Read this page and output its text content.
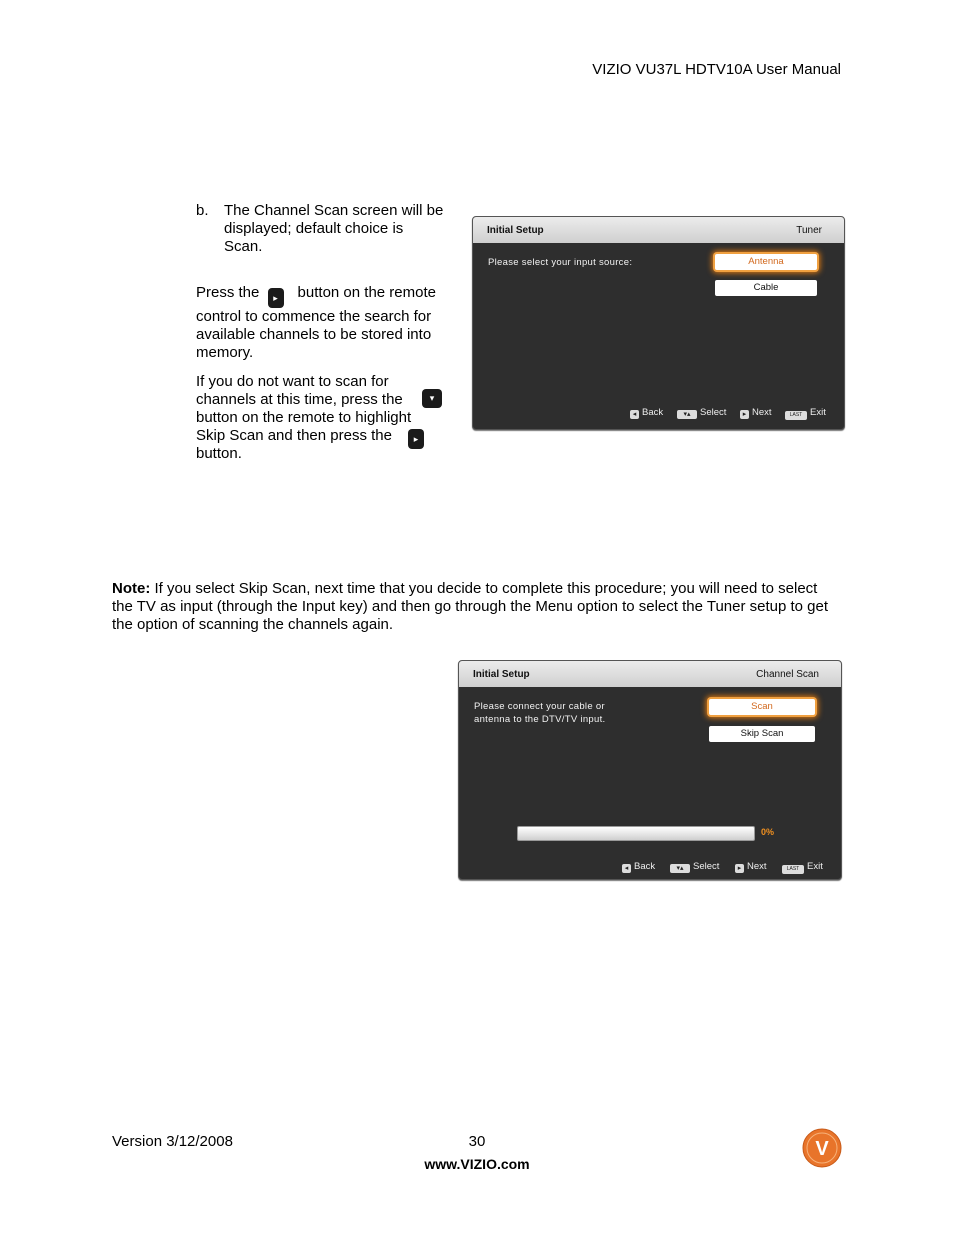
VIZIO VU37L HDTV10A User Manual
b. The Channel Scan screen will be displayed; default choice is Scan.
Press the ▸ button on the remote control to commence the search for available channels to be stored into memory.
If you do not want to scan for
channels at this time, press the	▾
button on the remote to highlight
Skip Scan and then press the	▸
button.
Initial Setup	Tuner
Please select your input source:	Antenna
Cable
◂ Back	▾▴ Select	▸ Next	LAST Exit
Note: If you select Skip Scan, next time that you decide to complete this procedure; you will need to select the TV as input (through the Input key) and then go through the Menu option to select the Tuner setup to get the option of scanning the channels again.
Initial Setup	Channel Scan
Please connect your cable or
antenna to the DTV/TV input.
Scan
Skip Scan
0%
◂ Back	▾▴ Select	▸ Next	LAST Exit
Version 3/12/2008	30
www.VIZIO.com
V
